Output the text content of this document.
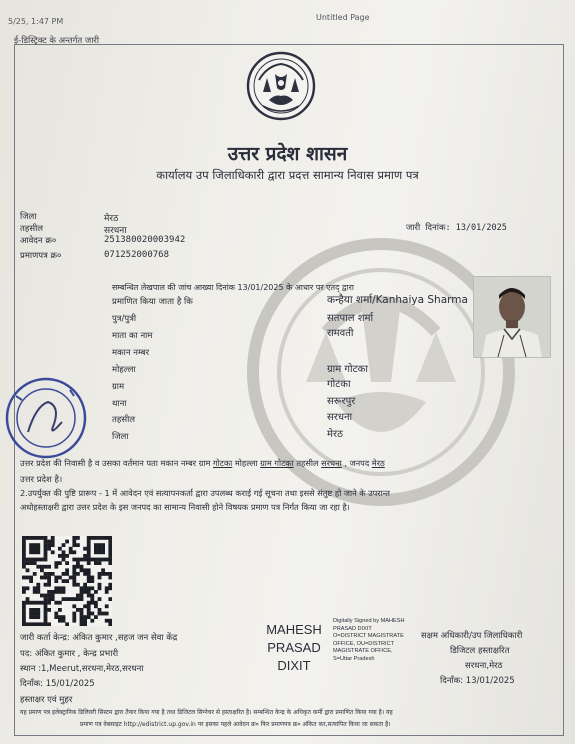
5/25, 1:47 PM	Untitled Page
ई-डिस्ट्रिक्ट के अन्तर्गत जारी
उत्तर प्रदेश शासन
कार्यालय उप जिलाधिकारी द्वारा प्रदत्त सामान्य निवास प्रमाण पत्र
जिला	मेरठ
तहसील	सरधना
आवेदन क्र०	251380020003942
प्रमाणपत्र क्र०	071252000768
जारी दिनांक: 13/01/2025
सम्बन्धित लेखपाल की जांच आख्या दिनांक 13/01/2025 के आधार पर एतद् द्वारा
प्रमाणित किया जाता है कि	कन्हैया शर्मा/Kanhaiya Sharma
पुत्र/पुत्री	सतपाल शर्मा
माता का नाम	रामवती
मकान नम्बर
मोहल्ला	ग्राम गोटका
ग्राम	गोटका
थाना	सरूरपुर
तहसील	सरधना
जिला	मेरठ
उत्तर प्रदेश की निवासी है व उसका वर्तमान पता मकान नम्बर ग्राम गोटका मोहल्ला ग्राम गोटका तहसील सरधना , जनपद मेरठ
उत्तर प्रदेश है।
2.उपर्युक्त की पुष्टि प्रारूप - 1 में आवेदन एवं सत्यापनकर्ता द्वारा उपलब्ध कराई गई सूचना तथा इससे संतुष्ट हो जाने के उपरान्त
अधोहस्ताक्षरी द्वारा उत्तर प्रदेश के इस जनपद का सामान्य निवासी होने विषयक प्रमाण पत्र निर्गत किया जा रहा है।
जारी कर्ता केन्द्र: अंकित कुमार ,सहज जन सेवा केंद्र
पद: अंकित कुमार , केन्द्र प्रभारी
स्थान :1,Meerut,सरधना,मेरठ,सरधना
दिनाँक: 15/01/2025
MAHESH
PRASAD
DIXIT
Digitally Signed by MAHESH
PRASAD DIXIT
O=DISTRICT MAGISTRATE
OFFICE, OU=DISTRICT
MAGISTRATE OFFICE,
S=Uttar Pradesh
सक्षम अधिकारी/उप जिलाधिकारी
डिजिटल हस्ताक्षरित
सरधना,मेरठ
दिनाँक: 13/01/2025
हस्ताक्षर एवं मुहर
यह प्रमाण पत्र इलेक्ट्रानिक डिलिवरी सिस्टम द्वारा तैयार किया गया है तथा डिजिटल सिग्नेचर से हस्ताक्षरित है। सम्बन्धित केन्द्र के अधिकृत कर्मी द्वारा प्रमाणित किया गया है। यह
प्रमाण पत्र वेबसाइट http://edistrict.up.gov.in पर इसका पहले आवेदन क्र० फिर प्रमाणपत्र क्र० अंकित कर,सत्यापित किया जा सकता है।
